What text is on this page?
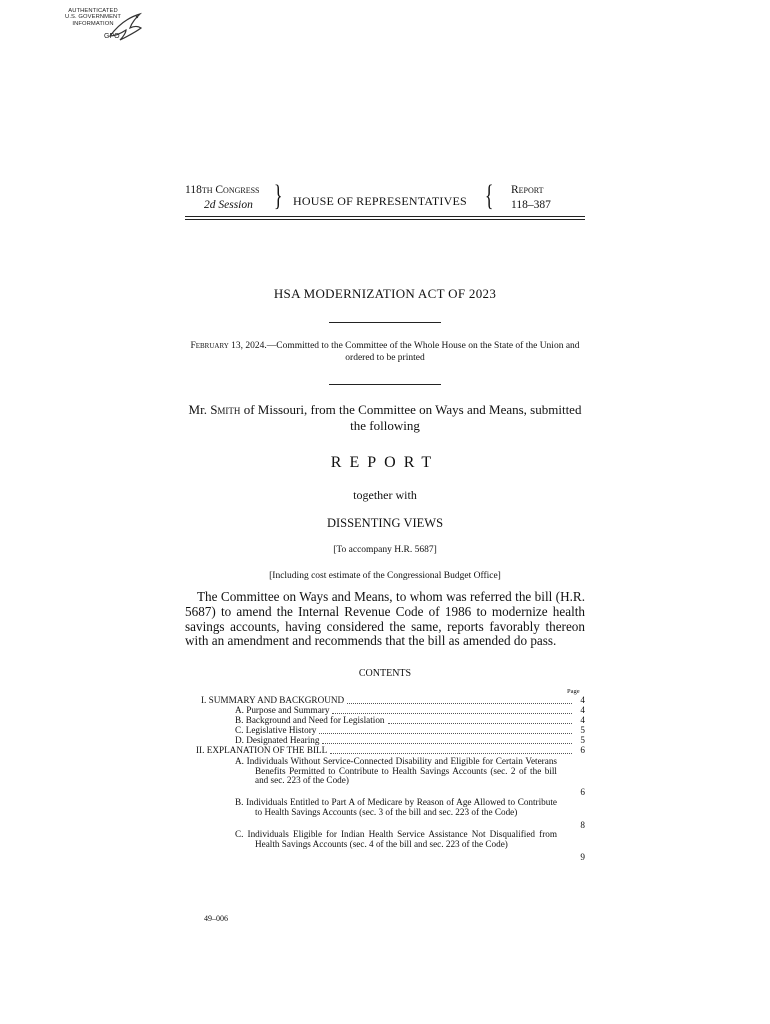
AUTHENTICATED
U.S. GOVERNMENT
INFORMATION
GPO
118TH Congress
2d Session } HOUSE OF REPRESENTATIVES { Report
118–387
HSA MODERNIZATION ACT OF 2023
February 13, 2024.—Committed to the Committee of the Whole House on the State of the Union and ordered to be printed
Mr. Smith of Missouri, from the Committee on Ways and Means, submitted the following
REPORT
together with
DISSENTING VIEWS
[To accompany H.R. 5687]
[Including cost estimate of the Congressional Budget Office]
The Committee on Ways and Means, to whom was referred the bill (H.R. 5687) to amend the Internal Revenue Code of 1986 to modernize health savings accounts, having considered the same, reports favorably thereon with an amendment and recommends that the bill as amended do pass.
CONTENTS
Page
I. SUMMARY AND BACKGROUND	4
A. Purpose and Summary	4
B. Background and Need for Legislation	4
C. Legislative History	5
D. Designated Hearing	5
II. EXPLANATION OF THE BILL	6
A. Individuals Without Service-Connected Disability and Eligible for Certain Veterans Benefits Permitted to Contribute to Health Savings Accounts (sec. 2 of the bill and sec. 223 of the Code)
6
B. Individuals Entitled to Part A of Medicare by Reason of Age Allowed to Contribute to Health Savings Accounts (sec. 3 of the bill and sec. 223 of the Code)
8
C. Individuals Eligible for Indian Health Service Assistance Not Disqualified from Health Savings Accounts (sec. 4 of the bill and sec. 223 of the Code)
9
49–006
